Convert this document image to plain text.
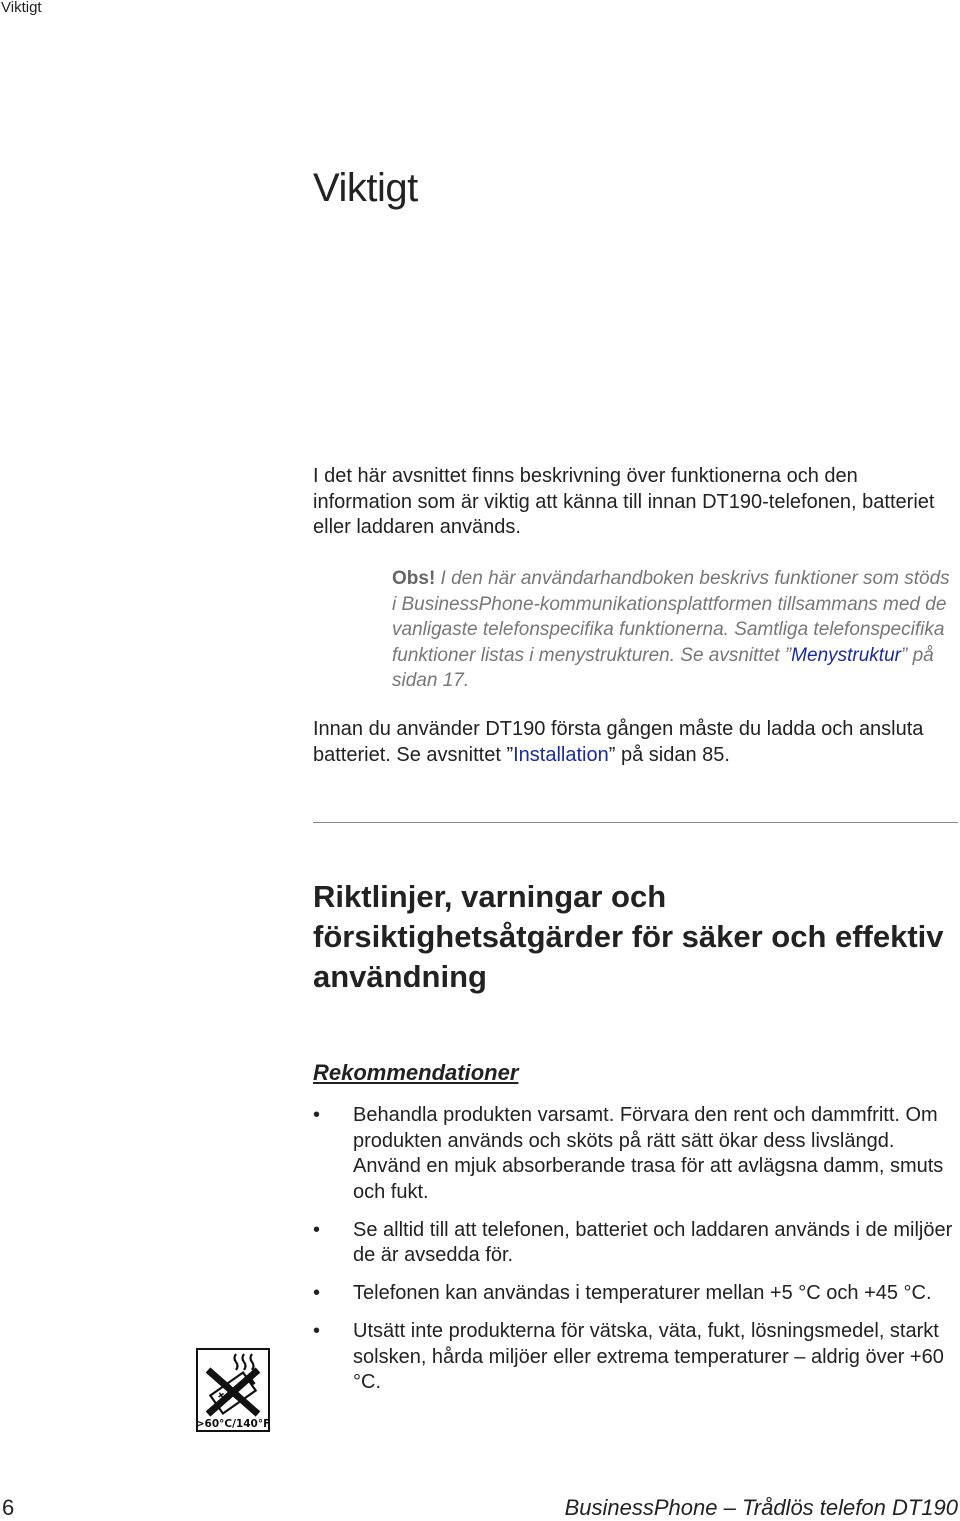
Viktigt
Viktigt

I det här avsnittet finns beskrivning över funktionerna och den information som är viktig att känna till innan DT190-telefonen, batteriet eller laddaren används.

Obs! I den här användarhandboken beskrivs funktioner som stöds i BusinessPhone-kommunikationsplattformen tillsammans med de vanligaste telefonspecifika funktionerna. Samtliga telefonspecifika funktioner listas i menystrukturen. Se avsnittet ”Menystruktur” på sidan 17.

Innan du använder DT190 första gången måste du ladda och ansluta batteriet. Se avsnittet ”Installation” på sidan 85.

Riktlinjer, varningar och försiktighetsåtgärder för säker och effektiv användning
Rekommendationer
•	Behandla produkten varsamt. Förvara den rent och dammfritt. Om produkten används och sköts på rätt sätt ökar dess livslängd. Använd en mjuk absorberande trasa för att avlägsna damm, smuts och fukt.
•	Se alltid till att telefonen, batteriet och laddaren används i de miljöer de är avsedda för.
•	Telefonen kan användas i temperaturer mellan +5 °C och +45 °C.
•	Utsätt inte produkterna för vätska, väta, fukt, lösningsmedel, starkt solsken, hårda miljöer eller extrema temperaturer – aldrig över +60 °C.
>60°C/140°F
6	BusinessPhone – Trådlös telefon DT190
